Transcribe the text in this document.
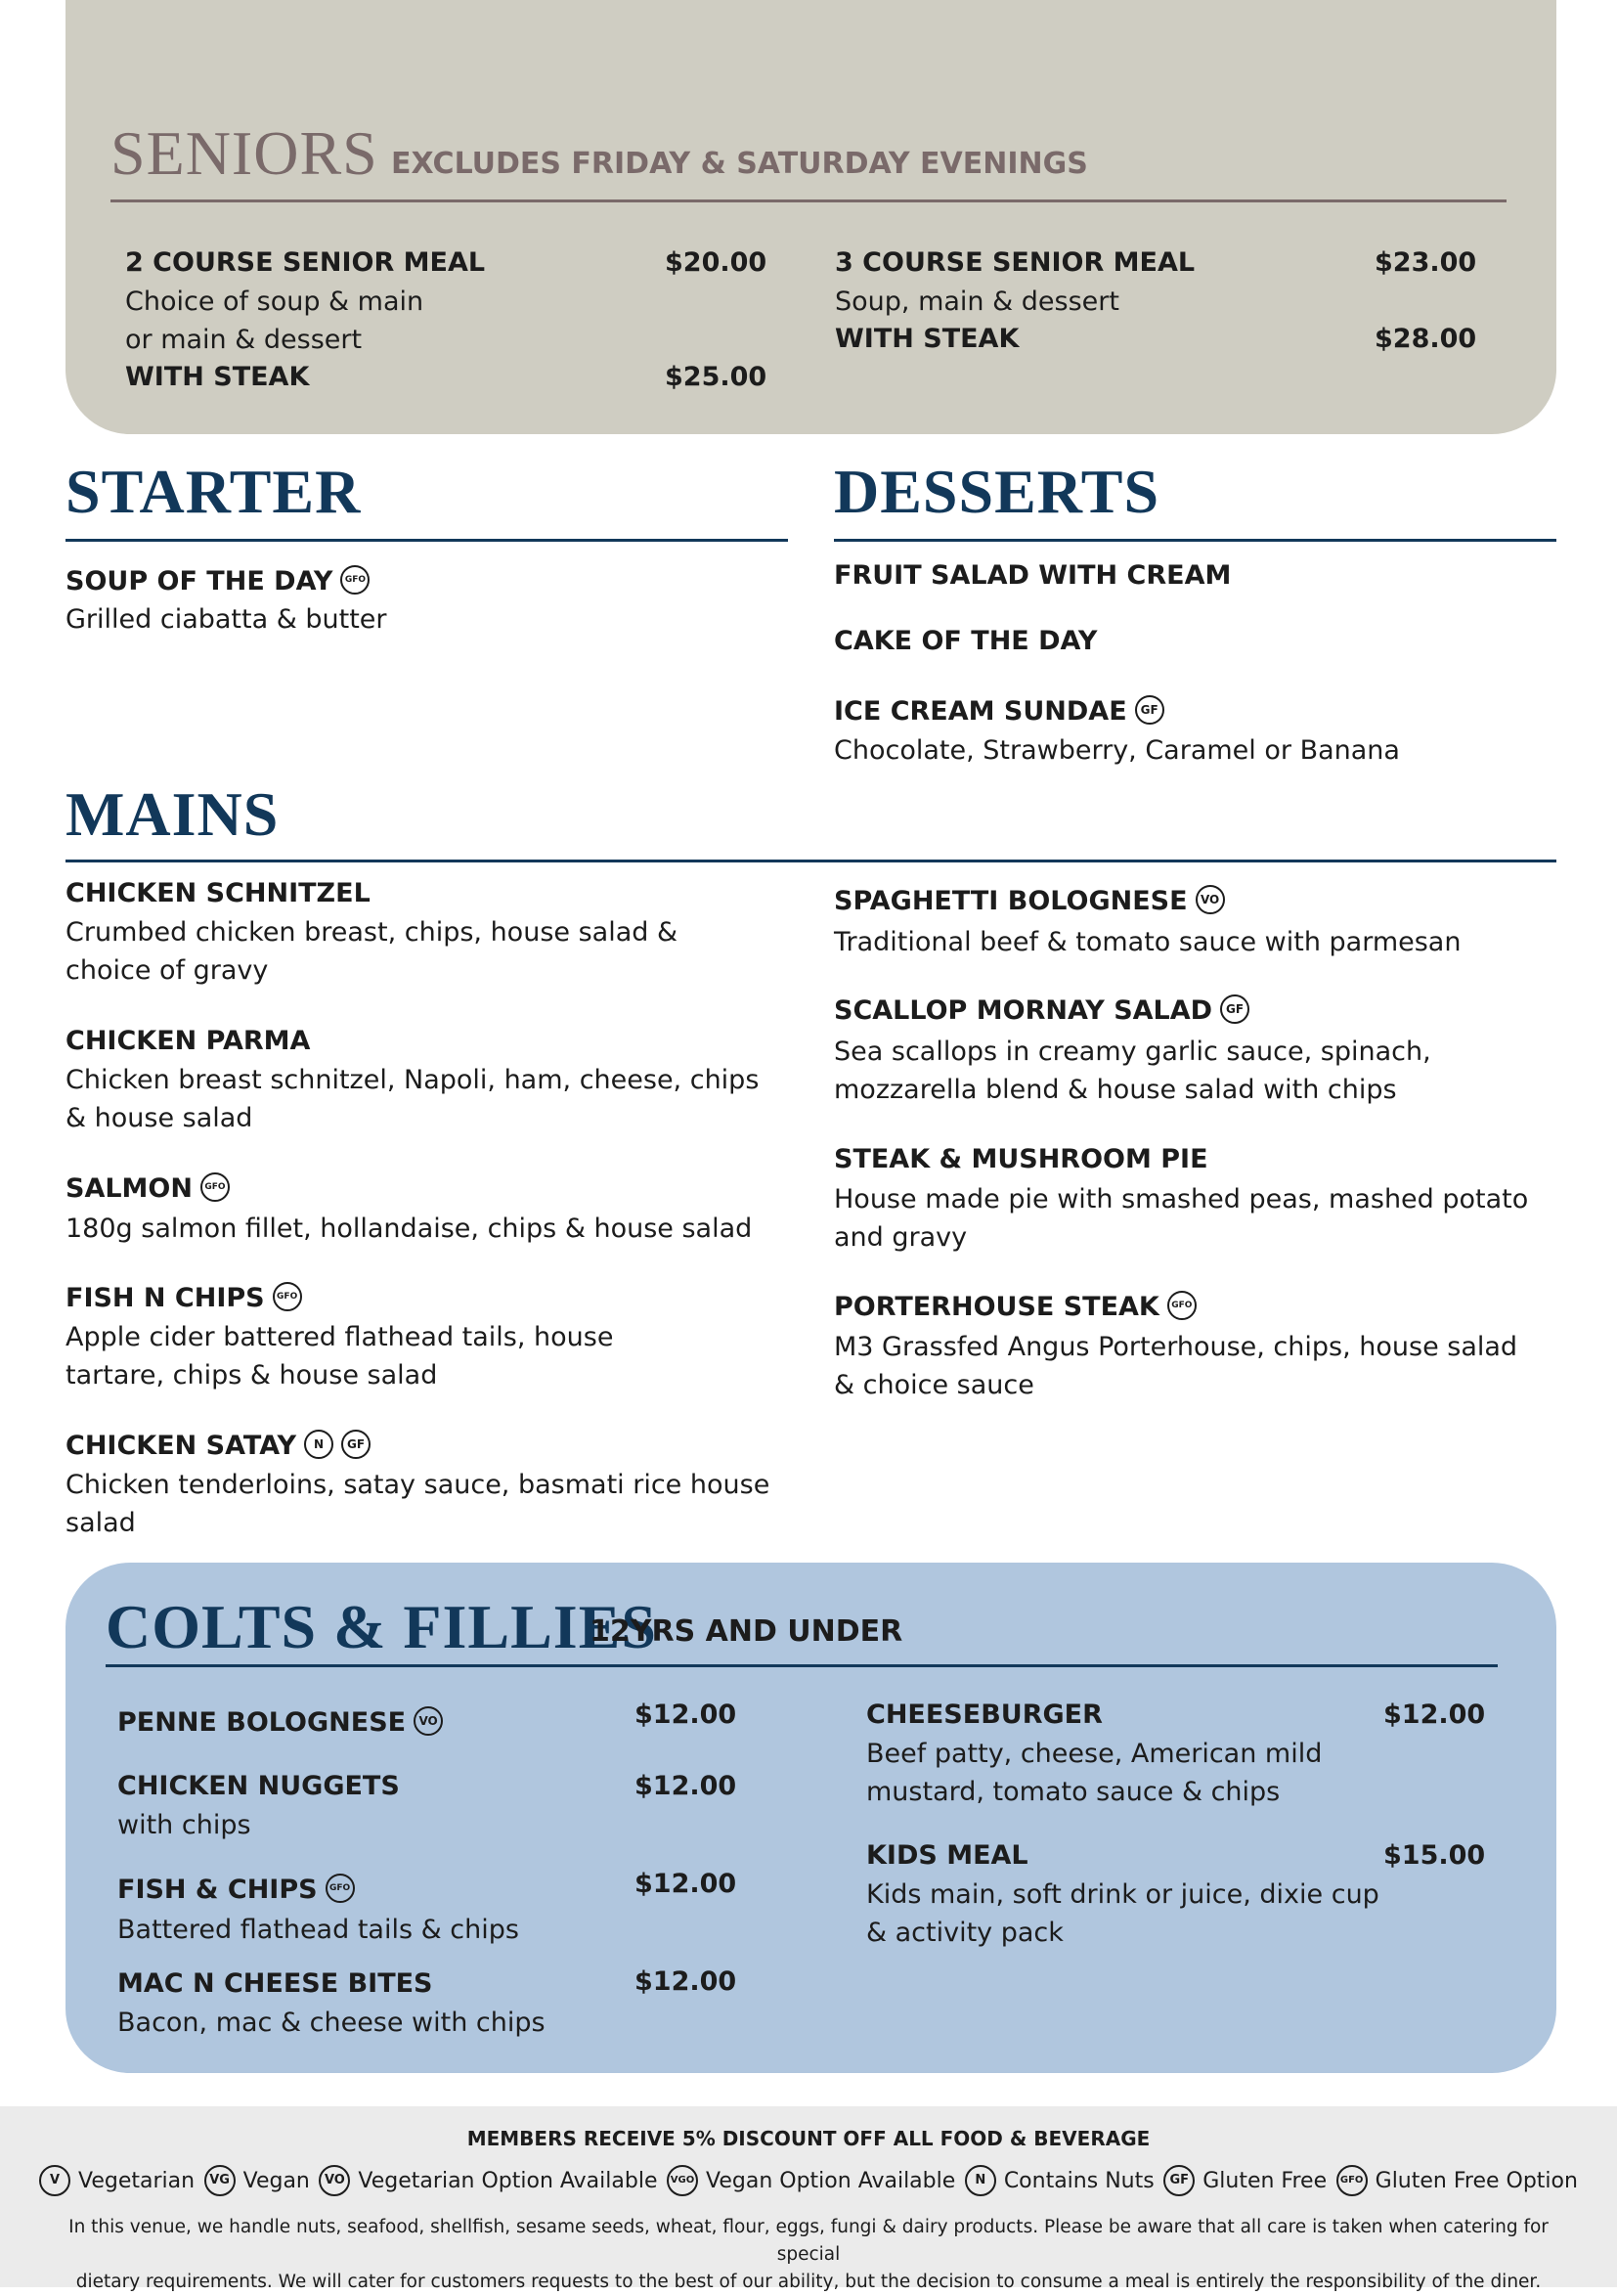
SENIORS EXCLUDES FRIDAY & SATURDAY EVENINGS
2 COURSE SENIOR MEAL	$20.00
Choice of soup & main
or main & dessert
WITH STEAK	$25.00
3 COURSE SENIOR MEAL	$23.00
Soup, main & dessert
WITH STEAK	$28.00
STARTER
SOUP OF THE DAY GFO
Grilled ciabatta & butter
DESSERTS
FRUIT SALAD WITH CREAM
CAKE OF THE DAY
ICE CREAM SUNDAE GF
Chocolate, Strawberry, Caramel or Banana
MAINS
CHICKEN SCHNITZEL
Crumbed chicken breast, chips, house salad &
choice of gravy
CHICKEN PARMA
Chicken breast schnitzel, Napoli, ham, cheese, chips
& house salad
SALMON GFO
180g salmon fillet, hollandaise, chips & house salad
FISH N CHIPS GFO
Apple cider battered flathead tails, house
tartare, chips & house salad
CHICKEN SATAY N GF
Chicken tenderloins, satay sauce, basmati rice house
salad
SPAGHETTI BOLOGNESE VO
Traditional beef & tomato sauce with parmesan
SCALLOP MORNAY SALAD GF
Sea scallops in creamy garlic sauce, spinach,
mozzarella blend & house salad with chips
STEAK & MUSHROOM PIE
House made pie with smashed peas, mashed potato
and gravy
PORTERHOUSE STEAK GFO
M3 Grassfed Angus Porterhouse, chips, house salad
& choice sauce
COLTS & FILLIES
12YRS AND UNDER
PENNE BOLOGNESE VO	$12.00
CHICKEN NUGGETS	$12.00
with chips
FISH & CHIPS GFO	$12.00
Battered flathead tails & chips
MAC N CHEESE BITES	$12.00
Bacon, mac & cheese with chips
CHEESEBURGER	$12.00
Beef patty, cheese, American mild
mustard, tomato sauce & chips
KIDS MEAL	$15.00
Kids main, soft drink or juice, dixie cup
& activity pack
MEMBERS RECEIVE 5% DISCOUNT OFF ALL FOOD & BEVERAGE
V Vegetarian	VG Vegan	VO Vegetarian Option Available	VGO Vegan Option Available	N Contains Nuts	GF Gluten Free	GFO Gluten Free Option
In this venue, we handle nuts, seafood, shellfish, sesame seeds, wheat, flour, eggs, fungi & dairy products. Please be aware that all care is taken when catering for special
dietary requirements. We will cater for customers requests to the best of our ability, but the decision to consume a meal is entirely the responsibility of the diner.
